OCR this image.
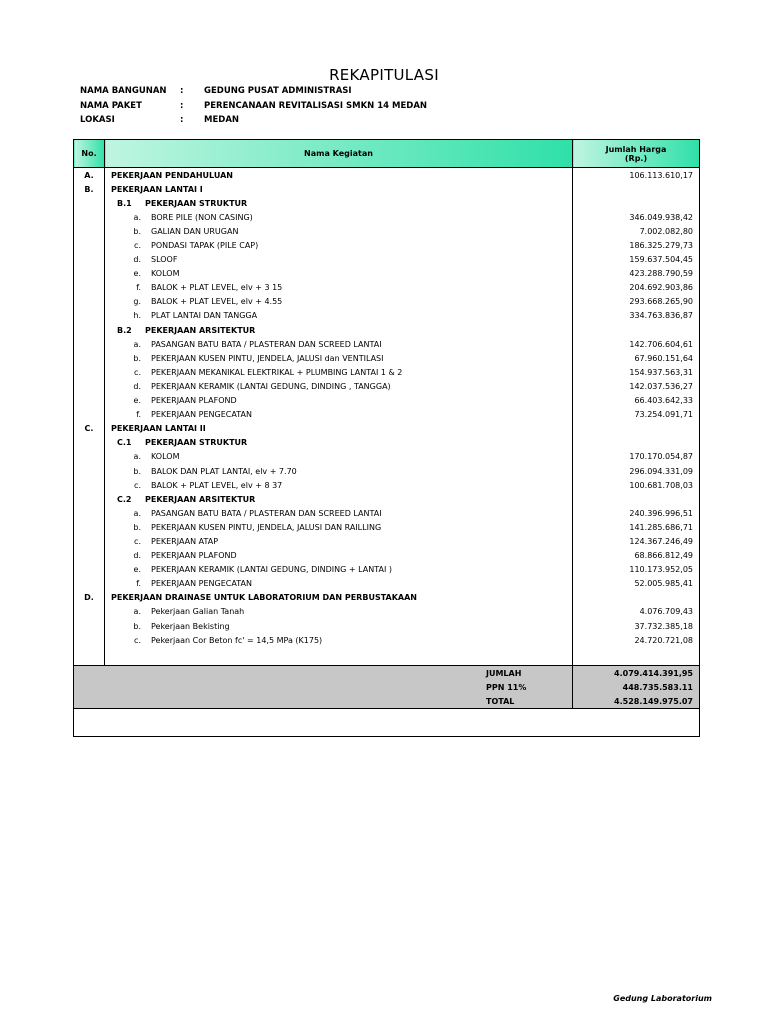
REKAPITULASI
NAMA BANGUNAN	:	GEDUNG PUSAT ADMINISTRASI
NAMA PAKET	:	PERENCANAAN REVITALISASI SMKN 14 MEDAN
LOKASI	:	MEDAN
No.	Nama Kegiatan	Jumlah Harga
(Rp.)

A.	PEKERJAAN PENDAHULUAN	106.113.610,17
B.	PEKERJAAN LANTAI I	
	B.1 PEKERJAAN STRUKTUR	
	a. BORE PILE (NON CASING)	346.049.938,42
	b. GALIAN DAN URUGAN	7.002.082,80
	c. PONDASI TAPAK (PILE CAP)	186.325.279,73
	d. SLOOF	159.637.504,45
	e. KOLOM	423.288.790,59
	f. BALOK + PLAT LEVEL, elv + 3 15	204.692.903,86
	g. BALOK + PLAT LEVEL, elv + 4.55	293.668.265,90
	h. PLAT LANTAI DAN TANGGA	334.763.836,87
	B.2 PEKERJAAN ARSITEKTUR	
	a. PASANGAN BATU BATA / PLASTERAN DAN SCREED LANTAI	142.706.604,61
	b. PEKERJAAN KUSEN PINTU, JENDELA, JALUSI dan VENTILASI	67.960.151,64
	c. PEKERJAAN MEKANIKAL ELEKTRIKAL + PLUMBING LANTAI 1 & 2	154.937.563,31
	d. PEKERJAAN KERAMIK (LANTAI GEDUNG, DINDING , TANGGA)	142.037.536,27
	e. PEKERJAAN PLAFOND	66.403.642,33
	f. PEKERJAAN PENGECATAN	73.254.091,71
C.	PEKERJAAN LANTAI II	
	C.1 PEKERJAAN STRUKTUR	
	a. KOLOM	170.170.054,87
	b. BALOK DAN PLAT LANTAI, elv + 7.70	296.094.331,09
	c. BALOK + PLAT LEVEL, elv + 8 37	100.681.708,03
	C.2 PEKERJAAN ARSITEKTUR	
	a. PASANGAN BATU BATA / PLASTERAN DAN SCREED LANTAI	240.396.996,51
	b. PEKERJAAN KUSEN PINTU, JENDELA, JALUSI DAN RAILLING	141.285.686,71
	c. PEKERJAAN ATAP	124.367.246,49
	d. PEKERJAAN PLAFOND	68.866.812,49
	e. PEKERJAAN KERAMIK (LANTAI GEDUNG, DINDING + LANTAI )	110.173.952,05
	f. PEKERJAAN PENGECATAN	52.005.985,41
D.	PEKERJAAN DRAINASE UNTUK LABORATORIUM DAN PERBUSTAKAAN	
	a. Pekerjaan Galian Tanah	4.076.709,43
	b. Pekerjaan Bekisting	37.732.385,18
	c. Pekerjaan Cor Beton fc' = 14,5 MPa (K175)	24.720.721,08

JUMLAH		4.079.414.391,95
PPN 11%		448.735.583.11
TOTAL		4.528.149.975.07

Gedung Laboratorium
